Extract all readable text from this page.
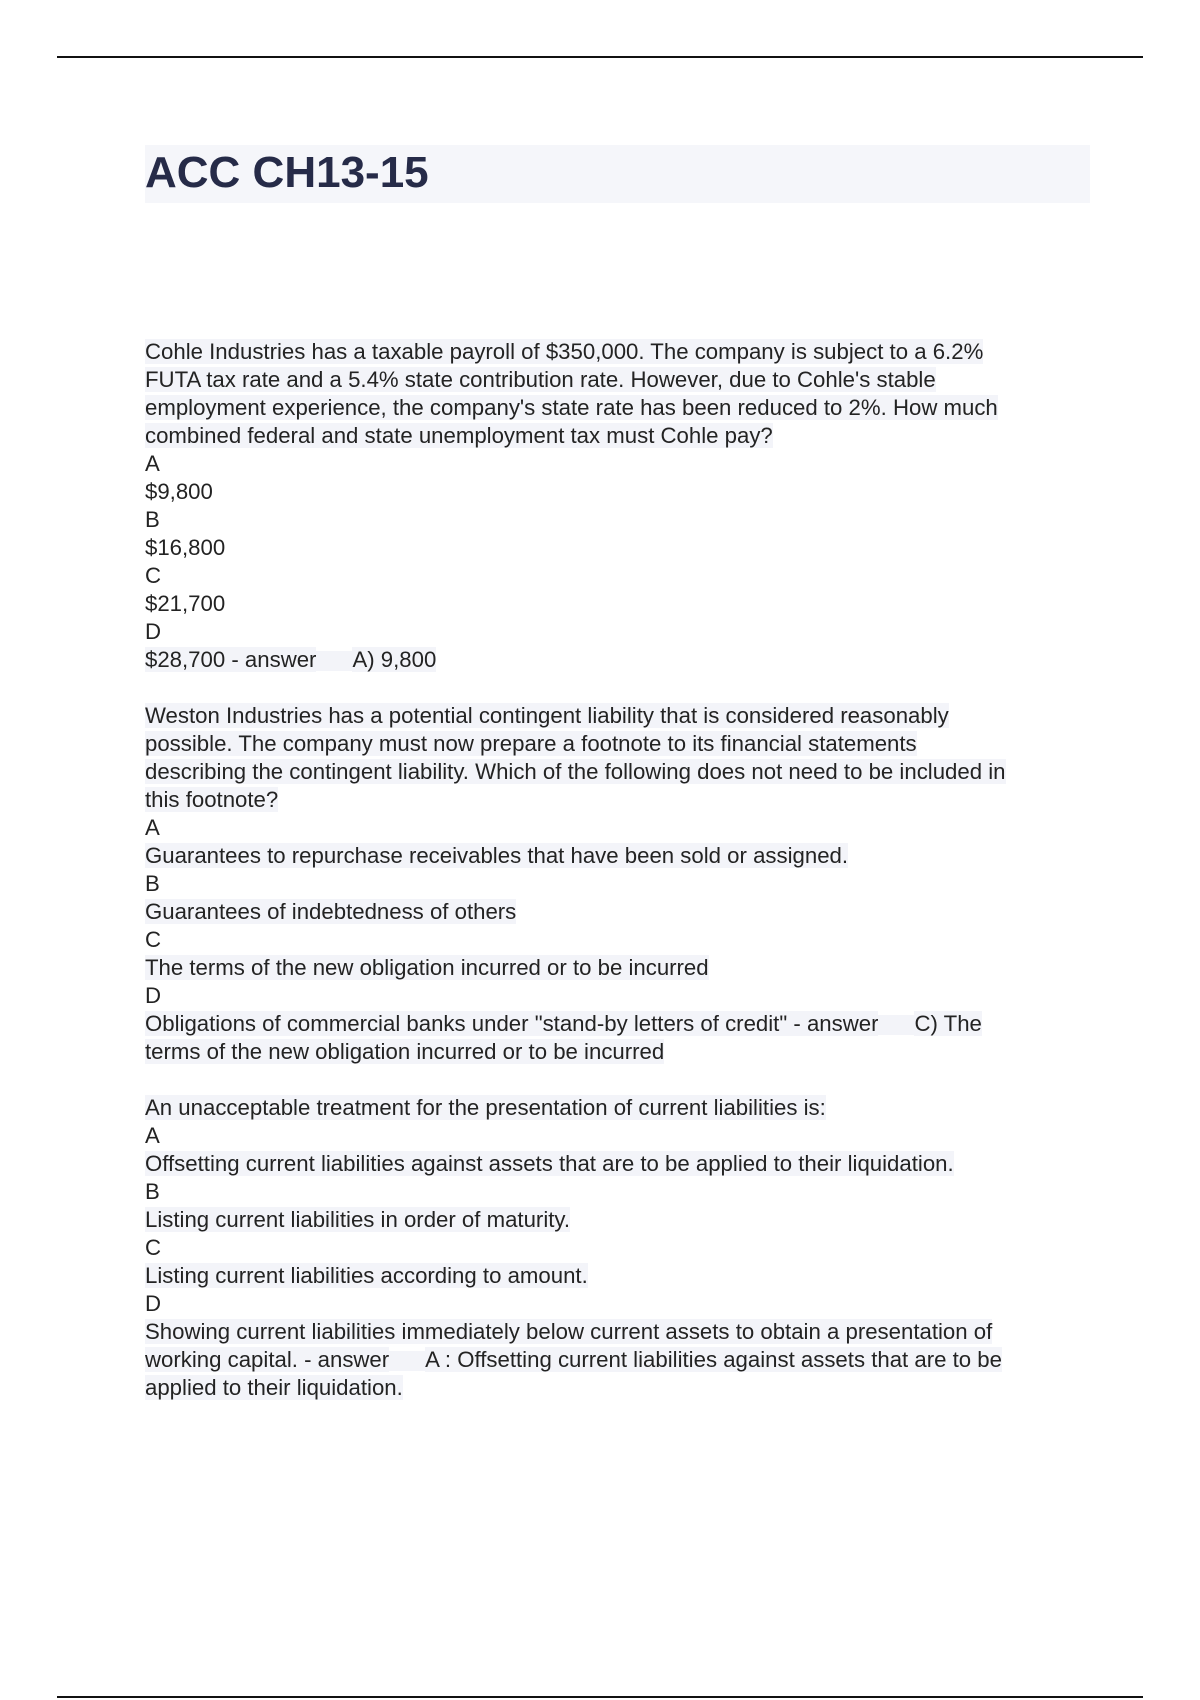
ACC CH13-15
Cohle Industries has a taxable payroll of $350,000. The company is subject to a 6.2%
FUTA tax rate and a 5.4% state contribution rate. However, due to Cohle's stable
employment experience, the company's state rate has been reduced to 2%. How much
combined federal and state unemployment tax must Cohle pay?
A
$9,800
B
$16,800
C
$21,700
D
$28,700 - answer A) 9,800
Weston Industries has a potential contingent liability that is considered reasonably
possible. The company must now prepare a footnote to its financial statements
describing the contingent liability. Which of the following does not need to be included in
this footnote?
A
Guarantees to repurchase receivables that have been sold or assigned.
B
Guarantees of indebtedness of others
C
The terms of the new obligation incurred or to be incurred
D
Obligations of commercial banks under "stand-by letters of credit" - answer C) The
terms of the new obligation incurred or to be incurred
An unacceptable treatment for the presentation of current liabilities is:
A
Offsetting current liabilities against assets that are to be applied to their liquidation.
B
Listing current liabilities in order of maturity.
C
Listing current liabilities according to amount.
D
Showing current liabilities immediately below current assets to obtain a presentation of
working capital. - answer A : Offsetting current liabilities against assets that are to be
applied to their liquidation.
